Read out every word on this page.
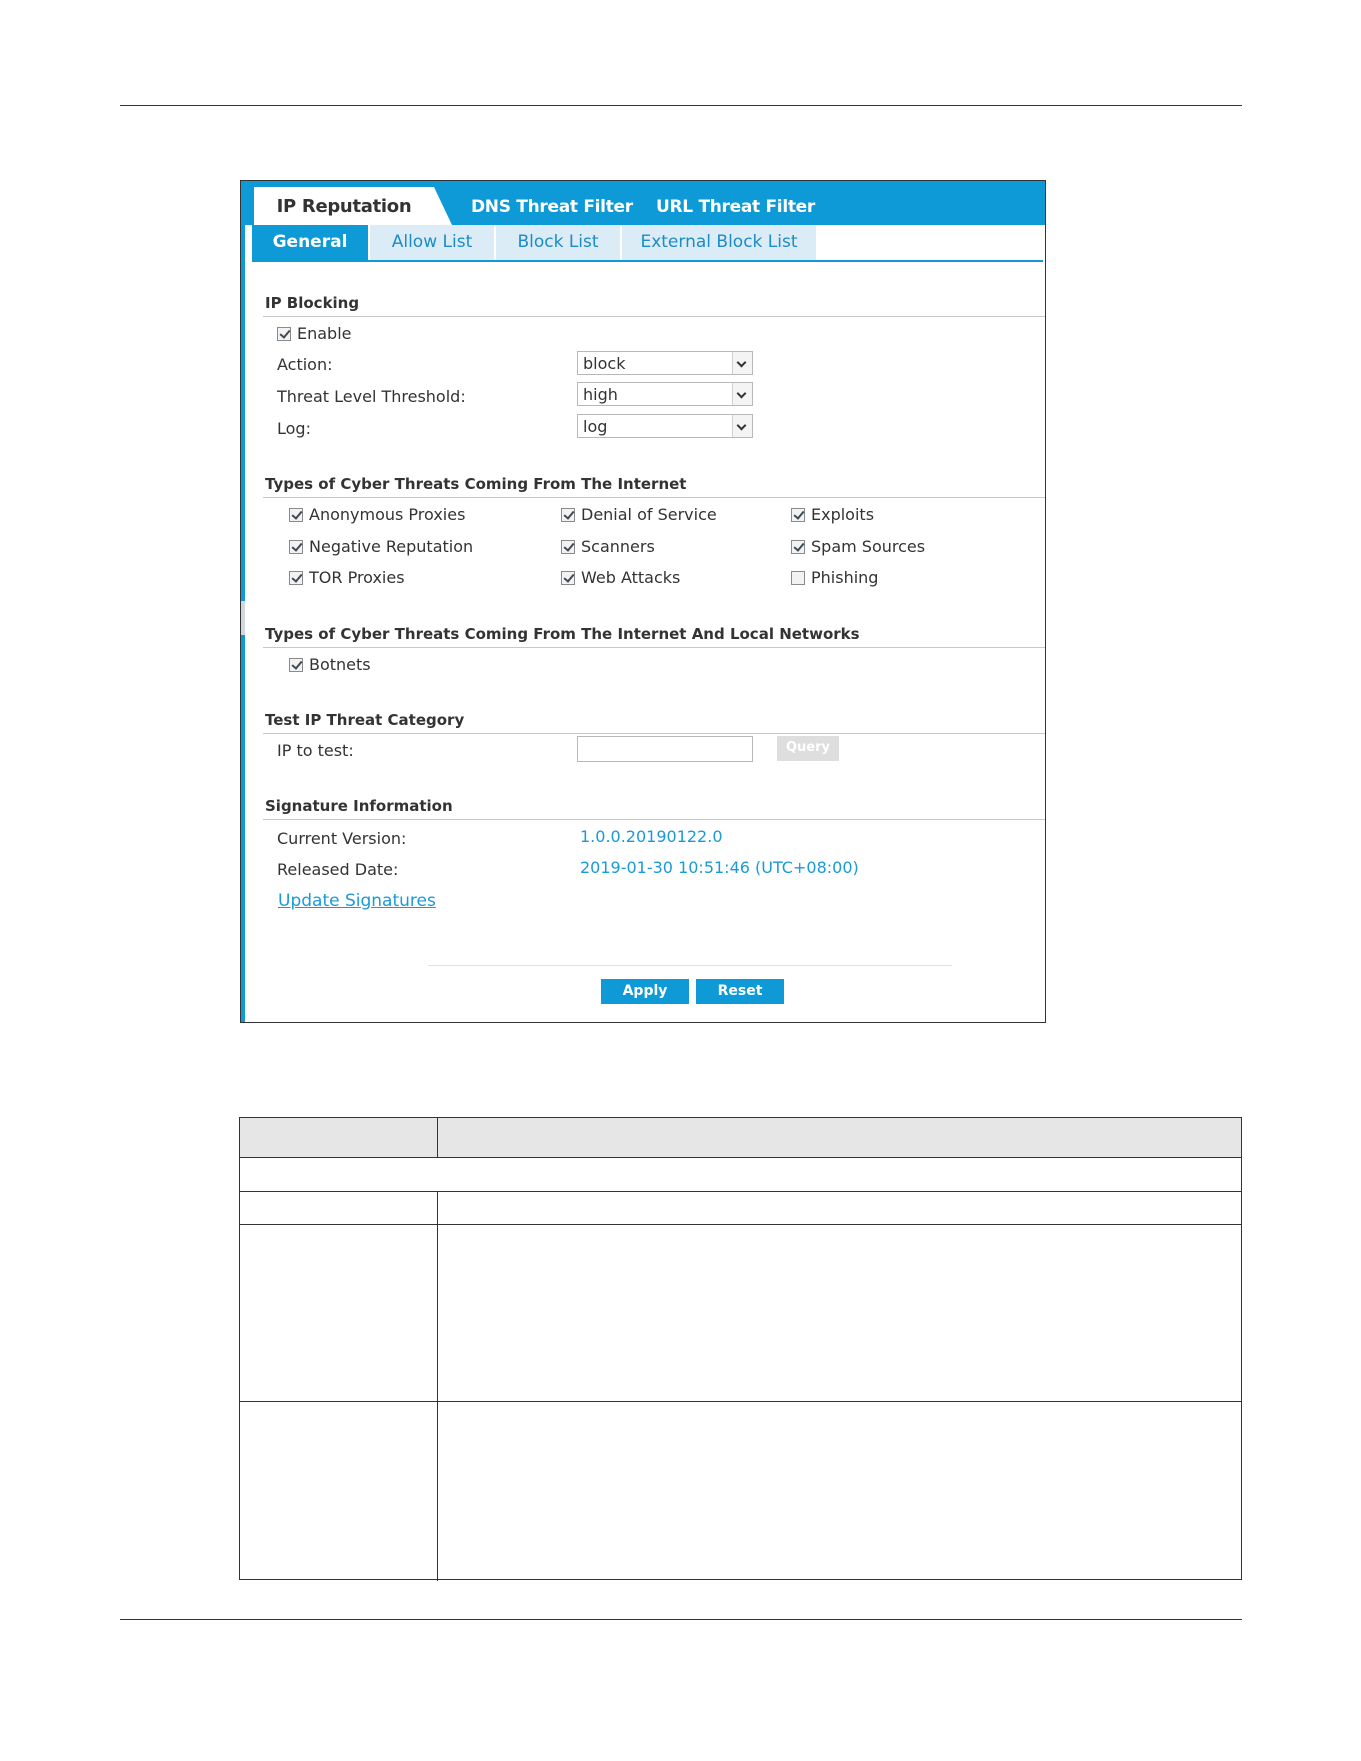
IP Reputation	DNS Threat Filter URL Threat Filter
General	Allow List	Block List	External Block List
IP Blocking
Enable
Action:	block
Threat Level Threshold:	high
Log:	log
Types of Cyber Threats Coming From The Internet
Anonymous Proxies	Denial of Service	Exploits
Negative Reputation	Scanners	Spam Sources
TOR Proxies	Web Attacks	Phishing
Types of Cyber Threats Coming From The Internet And Local Networks
Botnets
Test IP Threat Category
IP to test:	Query
Signature Information
Current Version:	1.0.0.20190122.0
Released Date:	2019-01-30 10:51:46 (UTC+08:00)
Update Signatures
Apply	Reset
